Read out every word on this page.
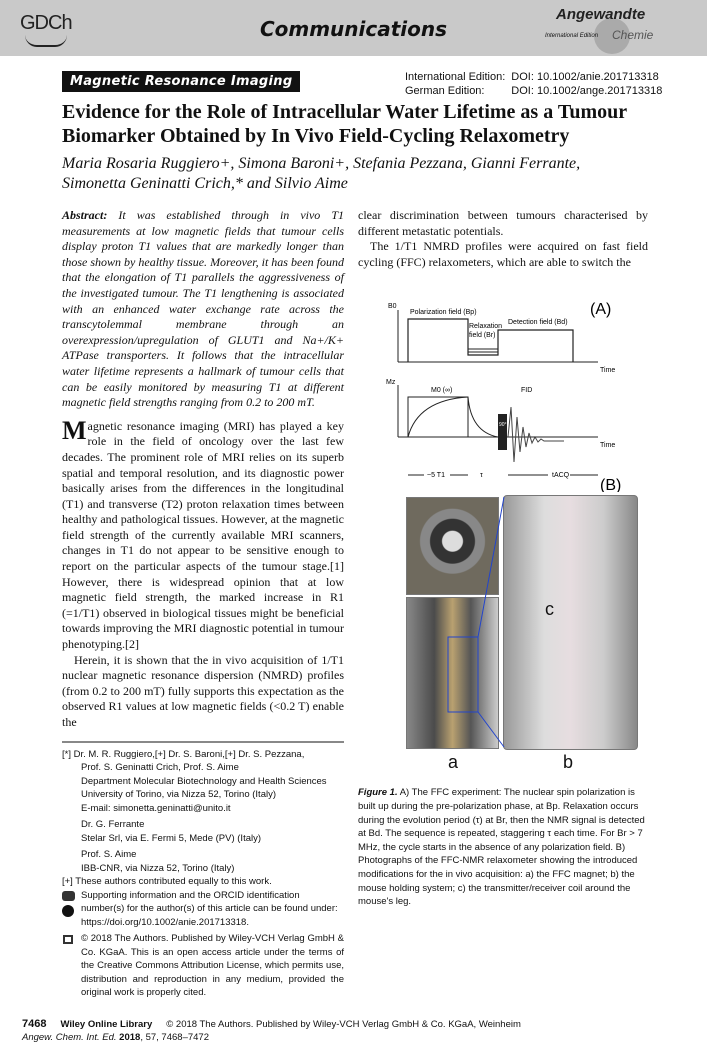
GDCh	Communications
Angewandte
International Edition Chemie
Magnetic Resonance Imaging	International Edition: DOI: 10.1002/anie.201713318
German Edition:	DOI: 10.1002/ange.201713318
Evidence for the Role of Intracellular Water Lifetime as a Tumour Biomarker Obtained by In Vivo Field-Cycling Relaxometry
Maria Rosaria Ruggiero+, Simona Baroni+, Stefania Pezzana, Gianni Ferrante, Simonetta Geninatti Crich,* and Silvio Aime
Abstract: It was established through in vivo T1 measurements at low magnetic fields that tumour cells display proton T1 values that are markedly longer than those shown by healthy tissue. Moreover, it has been found that the elongation of T1 parallels the aggressiveness of the investigated tumour. The T1 lengthening is associated with an enhanced water exchange rate across the transcytolemmal membrane through an overexpression/upregulation of GLUT1 and Na+/K+ ATPase transporters. It follows that the intracellular water lifetime represents a hallmark of tumour cells that can be easily monitored by measuring T1 at different magnetic field strengths ranging from 0.2 to 200 mT.

Magnetic resonance imaging (MRI) has played a key role in the field of oncology over the last few decades. The prominent role of MRI relies on its superb spatial and temporal resolution, and its diagnostic power basically arises from the differences in the longitudinal (T1) and transverse (T2) proton relaxation times between healthy and pathological tissues. However, at the magnetic field strength of the currently available MRI scanners, changes in T1 do not appear to be sensitive enough to report on the particular aspects of the tumour stage.[1] However, there is widespread opinion that at low magnetic field strength, the marked increase in R1 (=1/T1) observed in biological tissues might be beneficial towards improving the MRI diagnostic potential in tumour phenotyping.[2]

Herein, it is shown that the in vivo acquisition of 1/T1 nuclear magnetic resonance dispersion (NMRD) profiles (from 0.2 to 200 mT) fully supports this expectation as the observed R1 values at low magnetic fields (<0.2 T) enable the

[*] Dr. M. R. Ruggiero,[+] Dr. S. Baroni,[+] Dr. S. Pezzana,
Prof. S. Geninatti Crich, Prof. S. Aime
Department Molecular Biotechnology and Health Sciences
University of Torino, via Nizza 52, Torino (Italy)
E-mail: simonetta.geninatti@unito.it
Dr. G. Ferrante
Stelar Srl, via E. Fermi 5, Mede (PV) (Italy)
Prof. S. Aime
IBB-CNR, via Nizza 52, Torino (Italy)
[+] These authors contributed equally to this work.
Supporting information and the ORCID identification number(s) for the author(s) of this article can be found under: https://doi.org/10.1002/anie.201713318.
© 2018 The Authors. Published by Wiley-VCH Verlag GmbH & Co. KGaA. This is an open access article under the terms of the Creative Commons Attribution License, which permits use, distribution and reproduction in any medium, provided the original work is properly cited.

clear discrimination between tumours characterised by different metastatic potentials.

The 1/T1 NMRD profiles were acquired on fast field cycling (FFC) relaxometers, which are able to switch the

B0
Polarization field (Bp)
Relaxation
field (Br)
Detection field (Bd)
Time
Time
Mz
M0 (∞)	FID
90°
~5 T1	τ	tACQ
(A)
(B)
c
a	b
Figure 1. A) The FFC experiment: The nuclear spin polarization is built up during the pre-polarization phase, at Bp. Relaxation occurs during the evolution period (τ) at Br, then the NMR signal is detected at Bd. The sequence is repeated, staggering τ each time. For Br > 7 MHz, the cycle starts in the absence of any polarization field. B) Photographs of the FFC-NMR relaxometer showing the introduced modifications for the in vivo acquisition: a) the FFC magnet; b) the mouse holding system; c) the transmitter/receiver coil around the mouse's leg.
7468 Wiley Online Library © 2018 The Authors. Published by Wiley-VCH Verlag GmbH & Co. KGaA, Weinheim
Angew. Chem. Int. Ed. 2018, 57, 7468–7472
